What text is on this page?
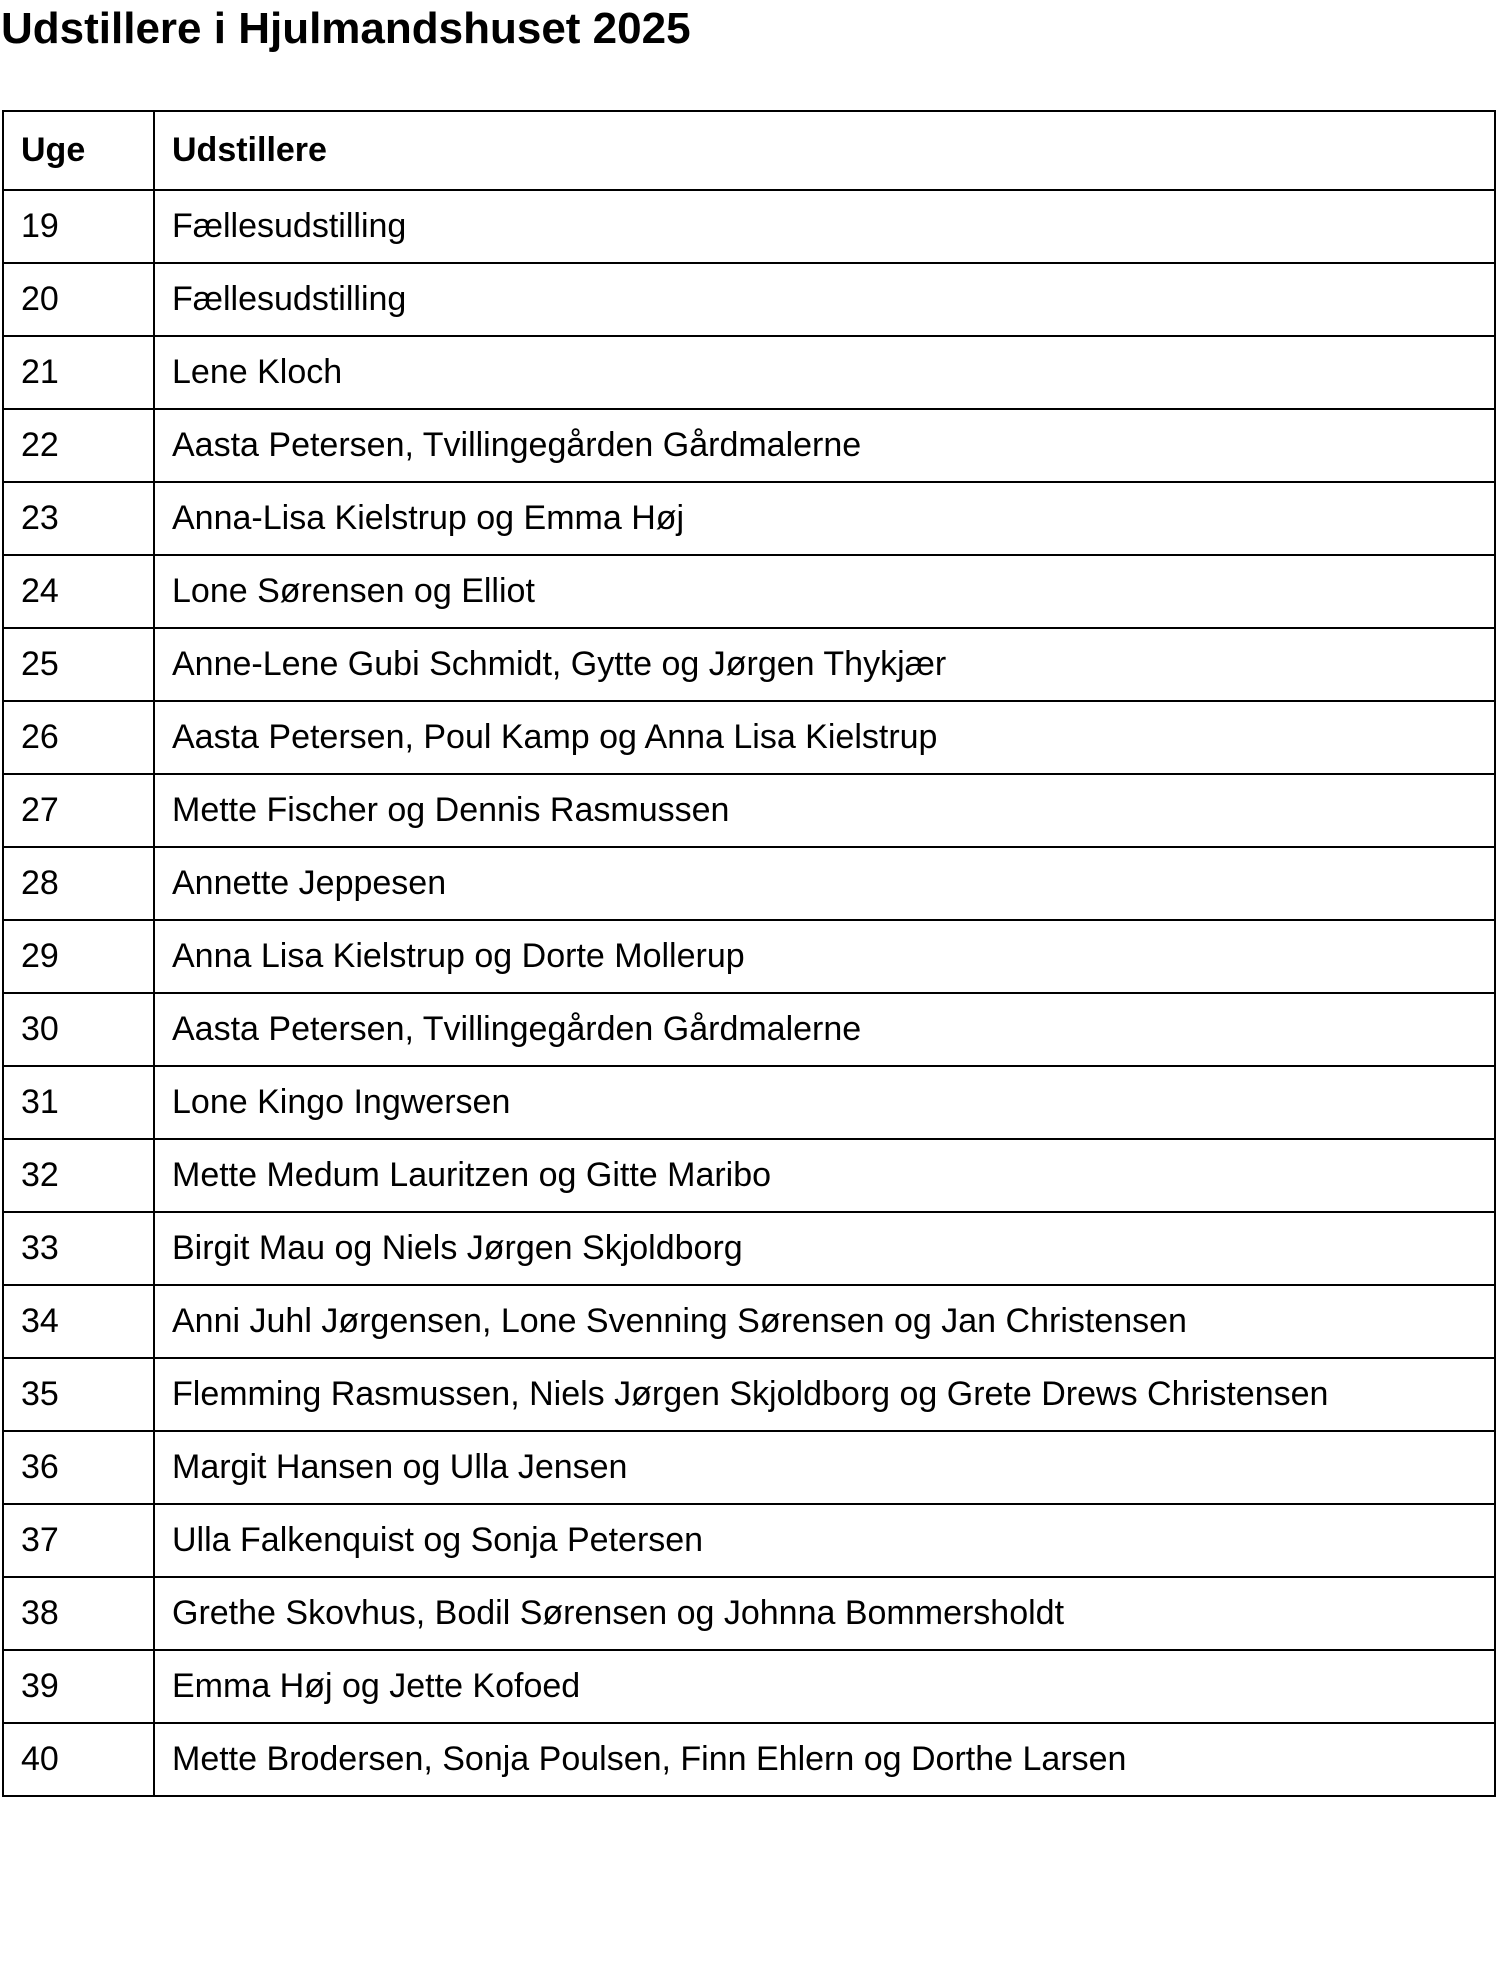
Udstillere i Hjulmandshuset 2025
Uge	Udstillere
19	Fællesudstilling
20	Fællesudstilling
21	Lene Kloch
22	Aasta Petersen, Tvillingegården Gårdmalerne
23	Anna-Lisa Kielstrup og Emma Høj
24	Lone Sørensen og Elliot
25	Anne-Lene Gubi Schmidt, Gytte og Jørgen Thykjær
26	Aasta Petersen, Poul Kamp og Anna Lisa Kielstrup
27	Mette Fischer og Dennis Rasmussen
28	Annette Jeppesen
29	Anna Lisa Kielstrup og Dorte Mollerup
30	Aasta Petersen, Tvillingegården Gårdmalerne
31	Lone Kingo Ingwersen
32	Mette Medum Lauritzen og Gitte Maribo
33	Birgit Mau og Niels Jørgen Skjoldborg
34	Anni Juhl Jørgensen, Lone Svenning Sørensen og Jan Christensen
35	Flemming Rasmussen, Niels Jørgen Skjoldborg og Grete Drews Christensen
36	Margit Hansen og Ulla Jensen
37	Ulla Falkenquist og Sonja Petersen
38	Grethe Skovhus, Bodil Sørensen og Johnna Bommersholdt
39	Emma Høj og Jette Kofoed
40	Mette Brodersen, Sonja Poulsen, Finn Ehlern og Dorthe Larsen
